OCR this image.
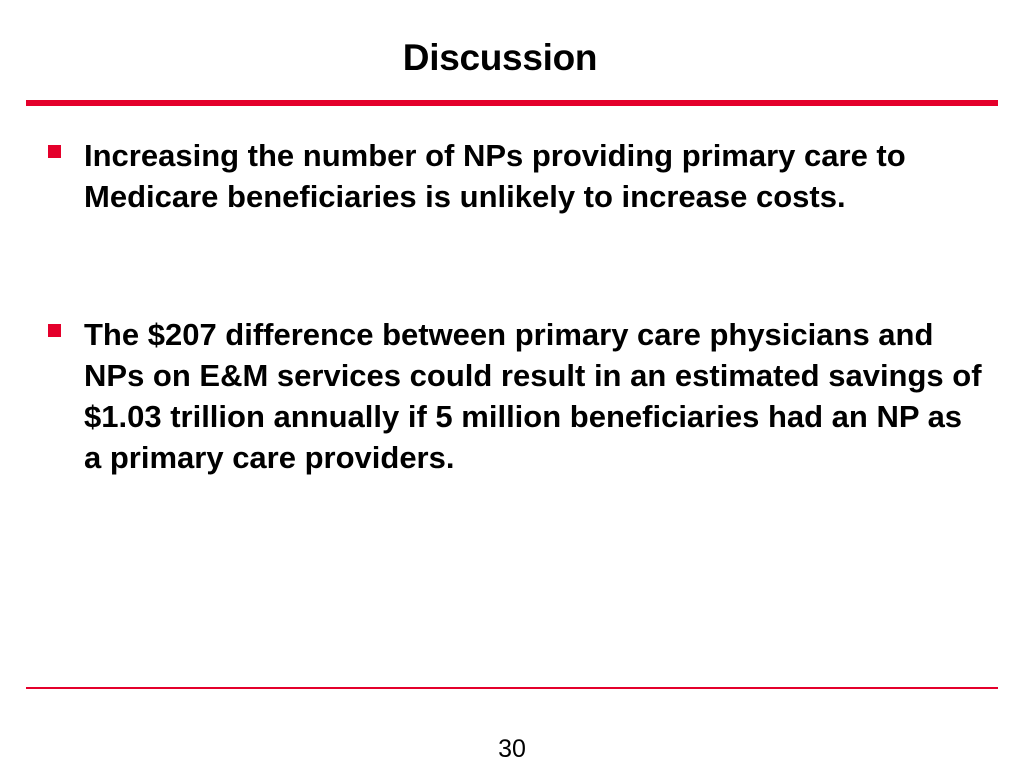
Discussion
Increasing the number of NPs providing primary care to Medicare beneficiaries is unlikely to increase costs.
The $207 difference between primary care physicians and NPs on E&M services could result in an estimated savings of $1.03 trillion annually if 5 million beneficiaries had an NP as a primary care providers.
30
